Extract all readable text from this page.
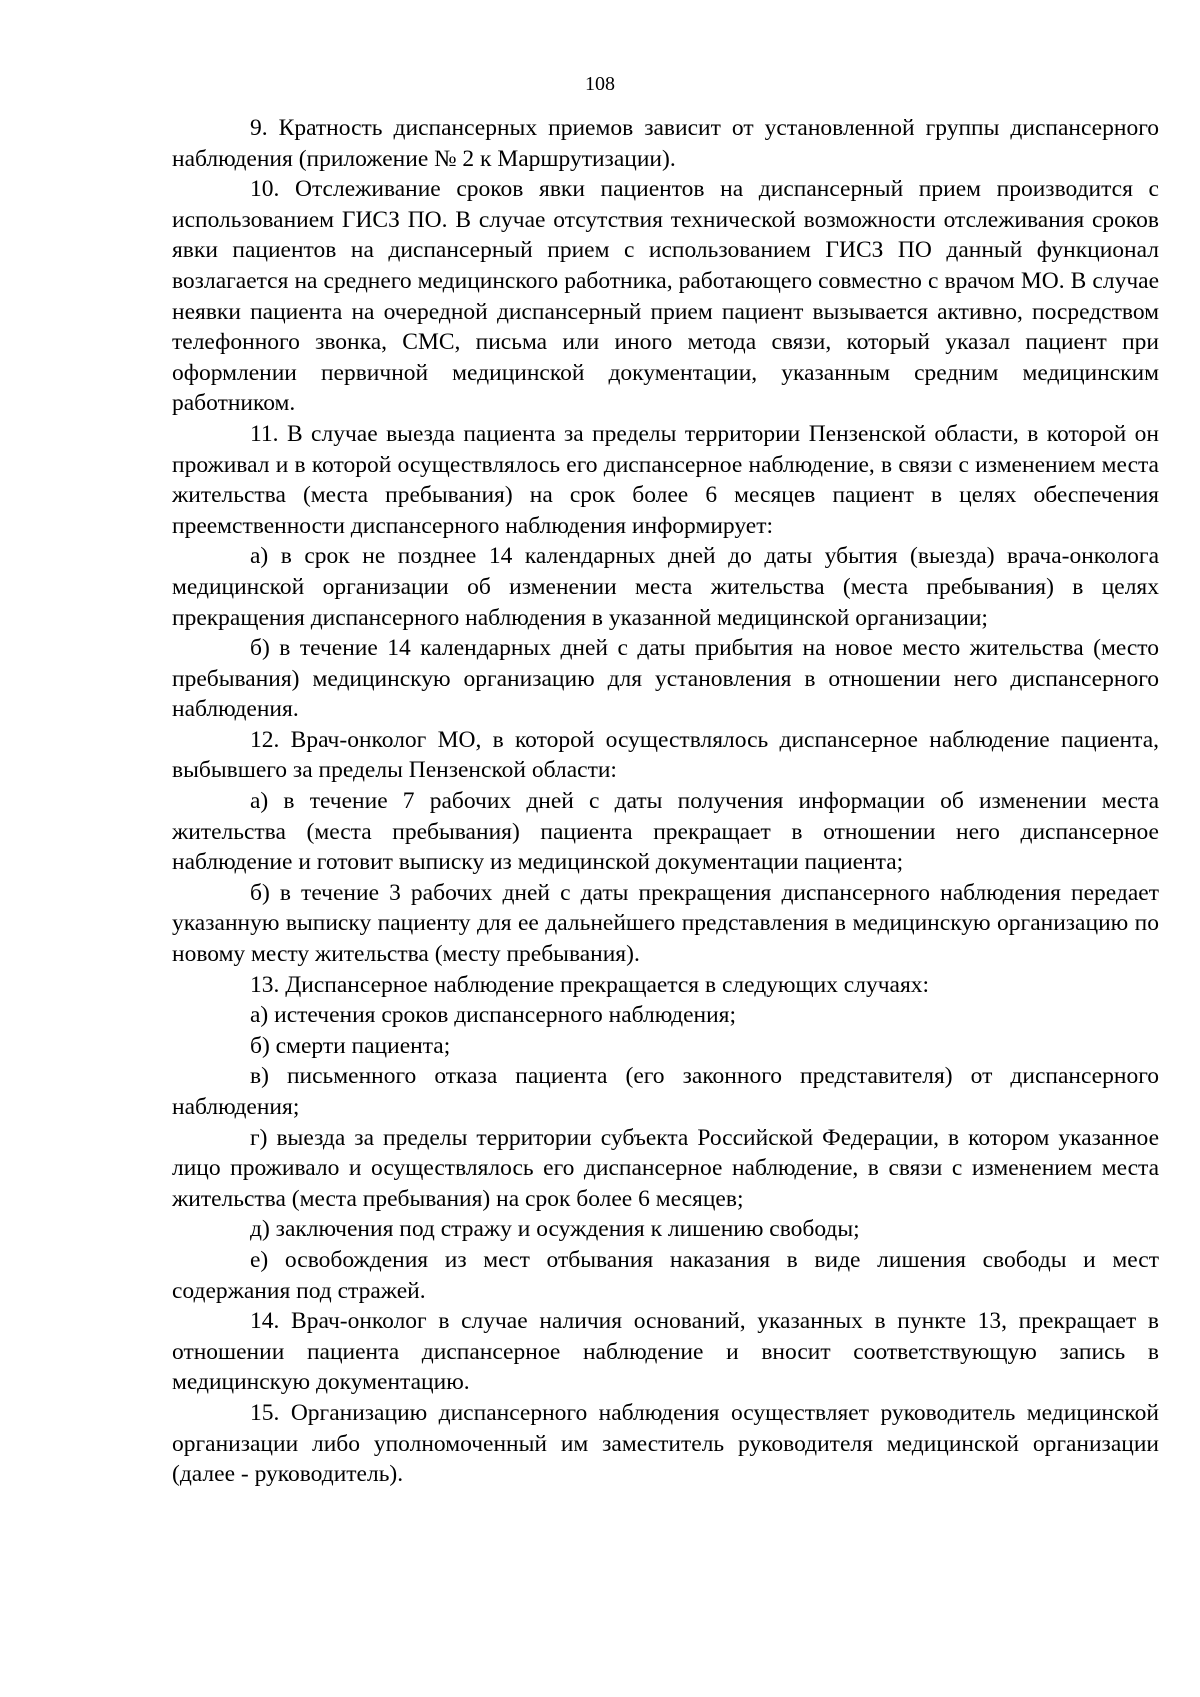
108

9. Кратность диспансерных приемов зависит от установленной группы диспансерного наблюдения (приложение № 2 к Маршрутизации).

10. Отслеживание сроков явки пациентов на диспансерный прием производится с использованием ГИСЗ ПО. В случае отсутствия технической возможности отслеживания сроков явки пациентов на диспансерный прием с использованием ГИСЗ ПО данный функционал возлагается на среднего медицинского работника, работающего совместно с врачом МО. В случае неявки пациента на очередной диспансерный прием пациент вызывается активно, посредством телефонного звонка, СМС, письма или иного метода связи, который указал пациент при оформлении первичной медицинской документации, указанным средним медицинским работником.

11. В случае выезда пациента за пределы территории Пензенской области, в которой он проживал и в которой осуществлялось его диспансерное наблюдение, в связи с изменением места жительства (места пребывания) на срок более 6 месяцев пациент в целях обеспечения преемственности диспансерного наблюдения информирует:

а) в срок не позднее 14 календарных дней до даты убытия (выезда) врача-онколога медицинской организации об изменении места жительства (места пребывания) в целях прекращения диспансерного наблюдения в указанной медицинской организации;

б) в течение 14 календарных дней с даты прибытия на новое место жительства (место пребывания) медицинскую организацию для установления в отношении него диспансерного наблюдения.

12. Врач-онколог МО, в которой осуществлялось диспансерное наблюдение пациента, выбывшего за пределы Пензенской области:

а) в течение 7 рабочих дней с даты получения информации об изменении места жительства (места пребывания) пациента прекращает в отношении него диспансерное наблюдение и готовит выписку из медицинской документации пациента;

б) в течение 3 рабочих дней с даты прекращения диспансерного наблюдения передает указанную выписку пациенту для ее дальнейшего представления в медицинскую организацию по новому месту жительства (месту пребывания).

13. Диспансерное наблюдение прекращается в следующих случаях:

а) истечения сроков диспансерного наблюдения;

б) смерти пациента;

в) письменного отказа пациента (его законного представителя) от диспансерного наблюдения;

г) выезда за пределы территории субъекта Российской Федерации, в котором указанное лицо проживало и осуществлялось его диспансерное наблюдение, в связи с изменением места жительства (места пребывания) на срок более 6 месяцев;

д) заключения под стражу и осуждения к лишению свободы;

е) освобождения из мест отбывания наказания в виде лишения свободы и мест содержания под стражей.

14. Врач-онколог в случае наличия оснований, указанных в пункте 13, прекращает в отношении пациента диспансерное наблюдение и вносит соответствующую запись в медицинскую документацию.

15. Организацию диспансерного наблюдения осуществляет руководитель медицинской организации либо уполномоченный им заместитель руководителя медицинской организации (далее - руководитель).
